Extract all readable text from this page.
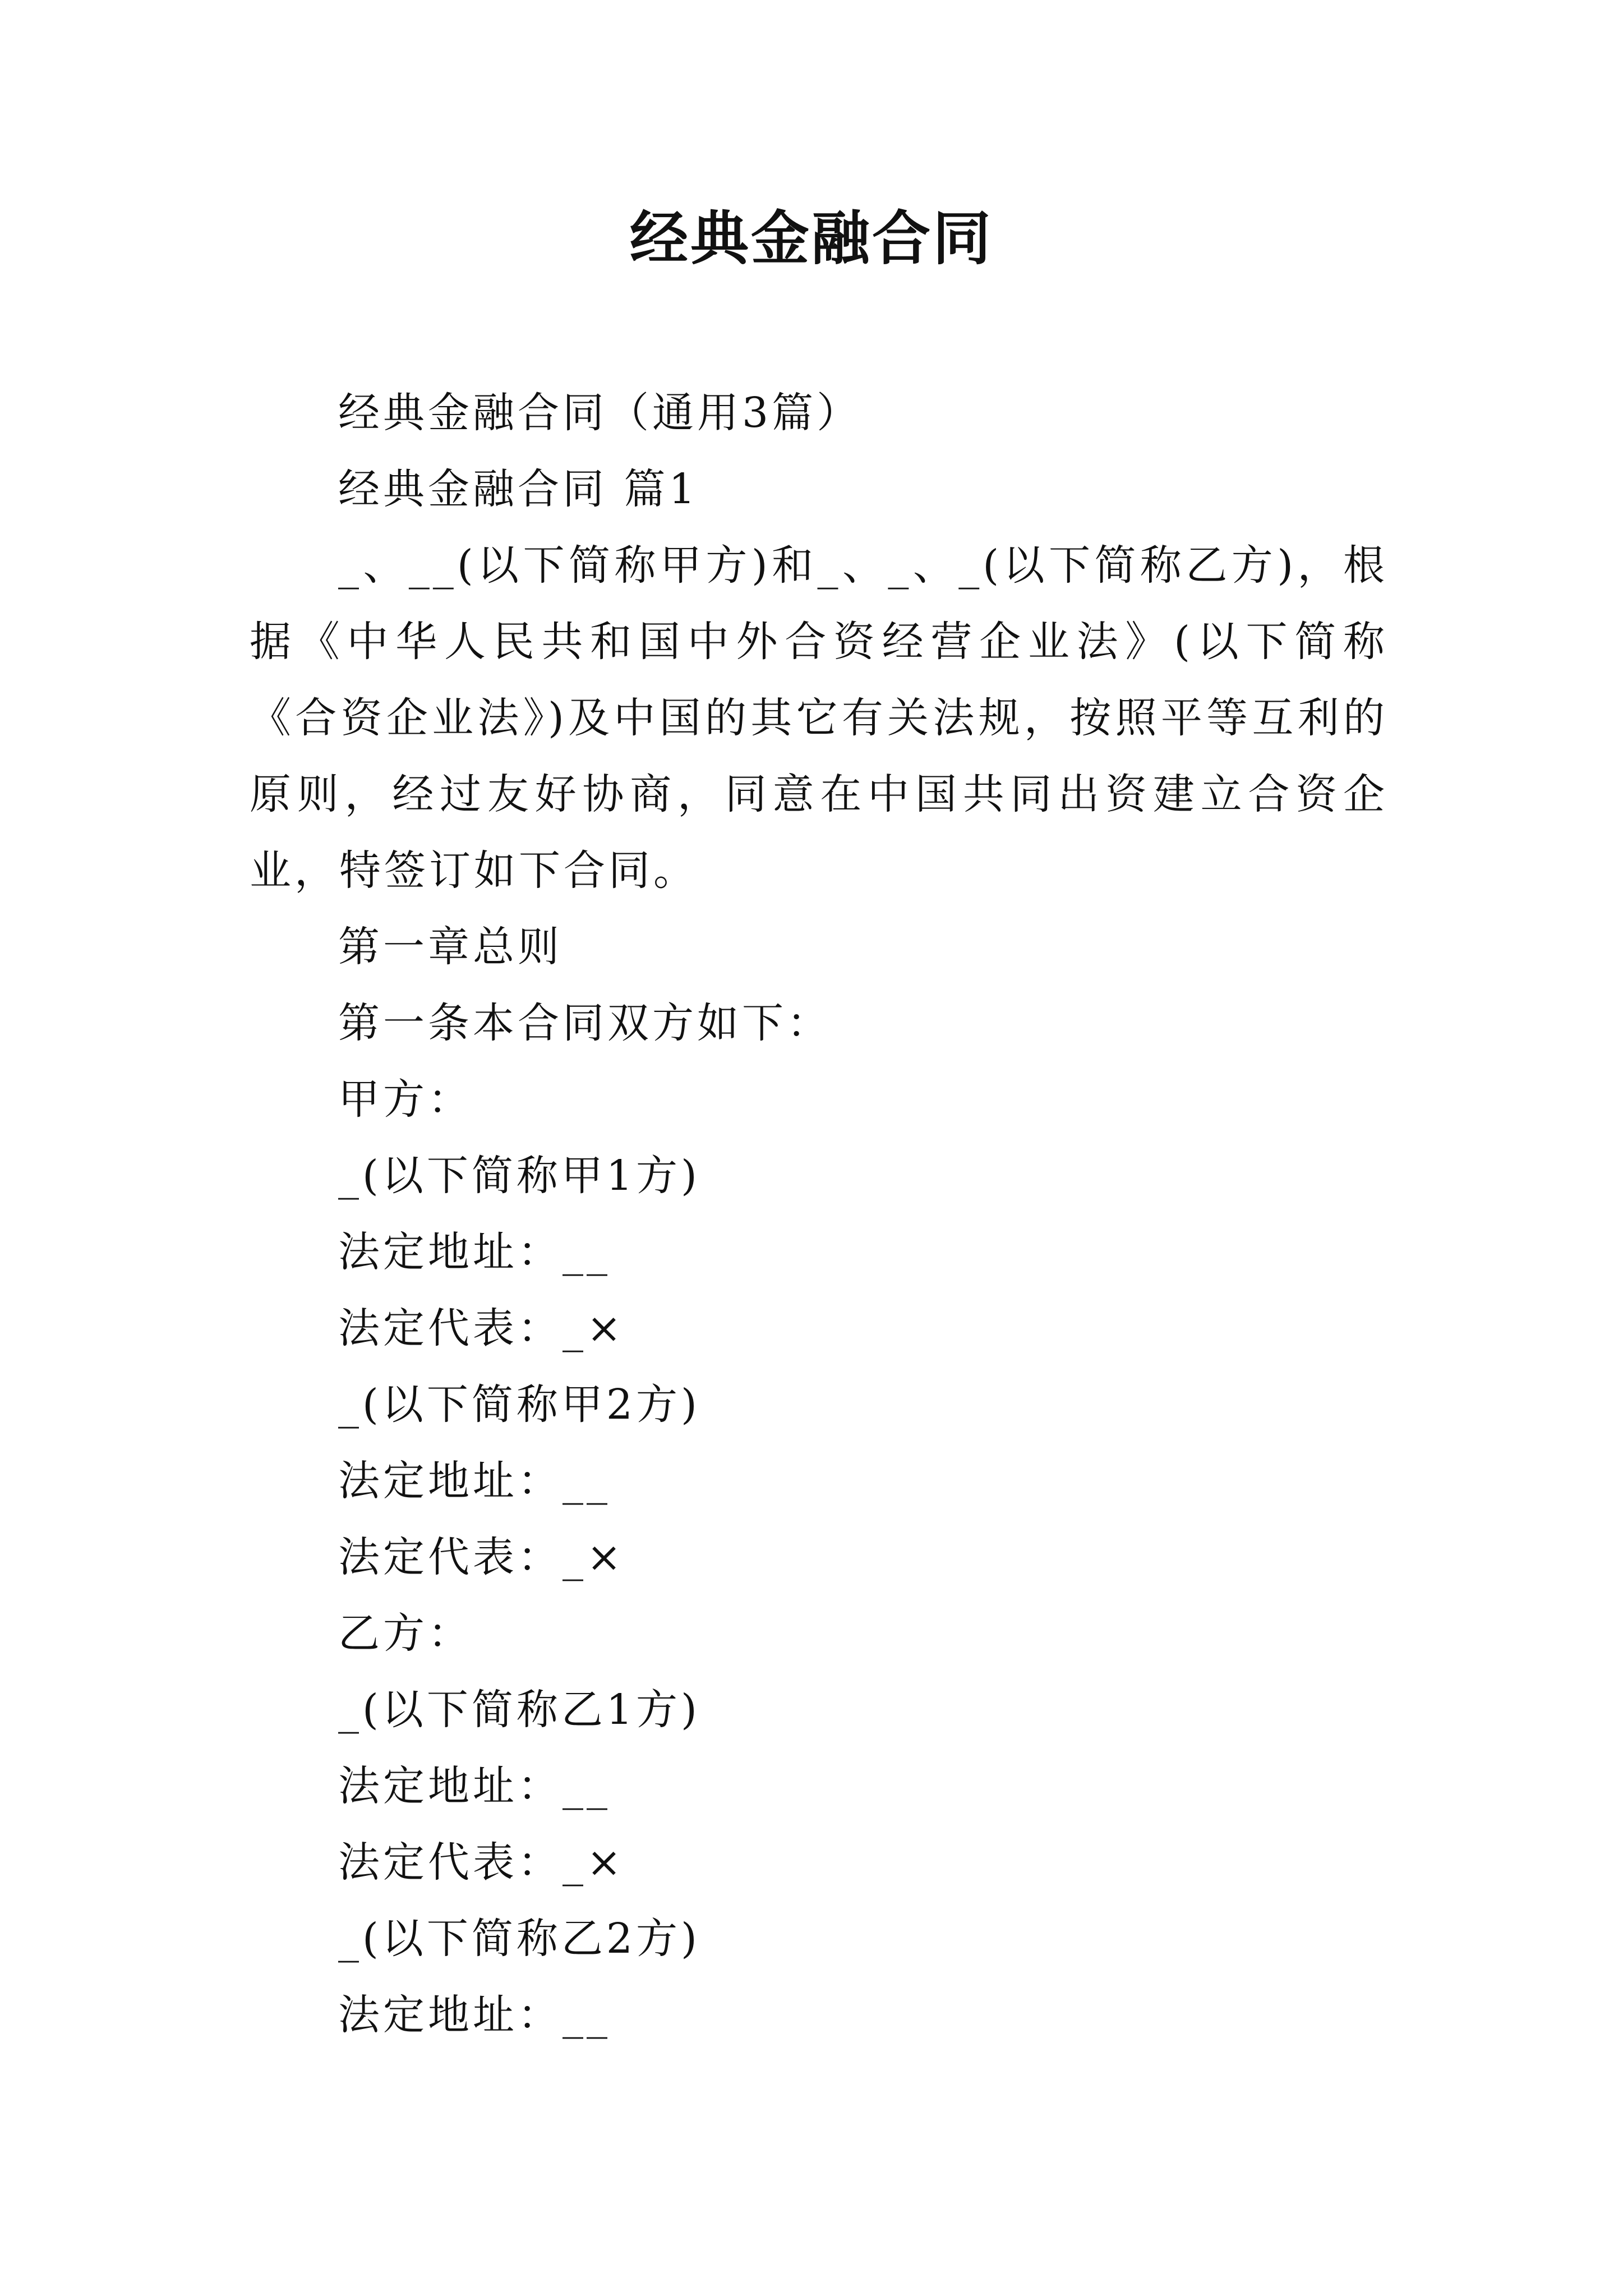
经典金融合同

经典金融合同（通用3篇）

经典金融合同 篇1

_、__(以下简称甲方)和_、_、_(以下简称乙方)，根据《中华人民共和国中外合资经营企业法》(以下简称《合资企业法》)及中国的其它有关法规，按照平等互利的原则，经过友好协商，同意在中国共同出资建立合资企业，特签订如下合同。

第一章总则

第一条本合同双方如下：

甲方：

_(以下简称甲1方)

法定地址：__

法定代表：_×

_(以下简称甲2方)

法定地址：__

法定代表：_×

乙方：

_(以下简称乙1方)

法定地址：__

法定代表：_×

_(以下简称乙2方)

法定地址：__
